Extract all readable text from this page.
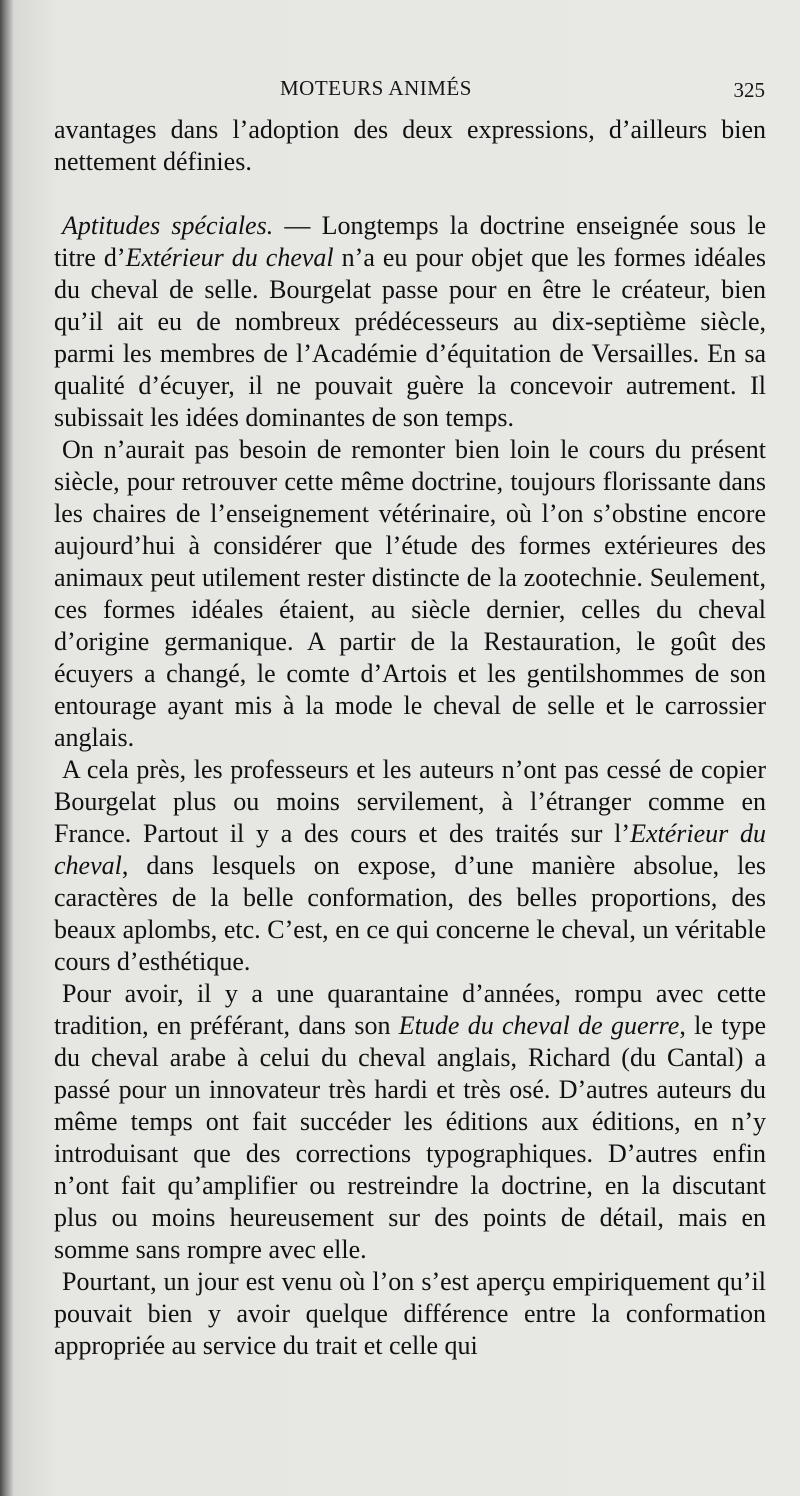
MOTEURS ANIMÉS	325

avantages dans l’adoption des deux expressions, d’ailleurs bien nettement définies.

Aptitudes spéciales. — Longtemps la doctrine enseignée sous le titre d’Extérieur du cheval n’a eu pour objet que les formes idéales du cheval de selle. Bourgelat passe pour en être le créateur, bien qu’il ait eu de nombreux prédécesseurs au dix-septième siècle, parmi les membres de l’Académie d’équitation de Versailles. En sa qualité d’écuyer, il ne pouvait guère la concevoir autrement. Il subissait les idées dominantes de son temps.

On n’aurait pas besoin de remonter bien loin le cours du présent siècle, pour retrouver cette même doctrine, toujours florissante dans les chaires de l’enseignement vétérinaire, où l’on s’obstine encore aujourd’hui à considérer que l’étude des formes extérieures des animaux peut utilement rester distincte de la zootechnie. Seulement, ces formes idéales étaient, au siècle dernier, celles du cheval d’origine germanique. A partir de la Restauration, le goût des écuyers a changé, le comte d’Artois et les gentilshommes de son entourage ayant mis à la mode le cheval de selle et le carrossier anglais.

A cela près, les professeurs et les auteurs n’ont pas cessé de copier Bourgelat plus ou moins servilement, à l’étranger comme en France. Partout il y a des cours et des traités sur l’Extérieur du cheval, dans lesquels on expose, d’une manière absolue, les caractères de la belle conformation, des belles proportions, des beaux aplombs, etc. C’est, en ce qui concerne le cheval, un véritable cours d’esthétique.

Pour avoir, il y a une quarantaine d’années, rompu avec cette tradition, en préférant, dans son Etude du cheval de guerre, le type du cheval arabe à celui du cheval anglais, Richard (du Cantal) a passé pour un innovateur très hardi et très osé. D’autres auteurs du même temps ont fait succéder les éditions aux éditions, en n’y introduisant que des corrections typographiques. D’autres enfin n’ont fait qu’amplifier ou restreindre la doctrine, en la discutant plus ou moins heureusement sur des points de détail, mais en somme sans rompre avec elle.

Pourtant, un jour est venu où l’on s’est aperçu empiriquement qu’il pouvait bien y avoir quelque différence entre la conformation appropriée au service du trait et celle qui
